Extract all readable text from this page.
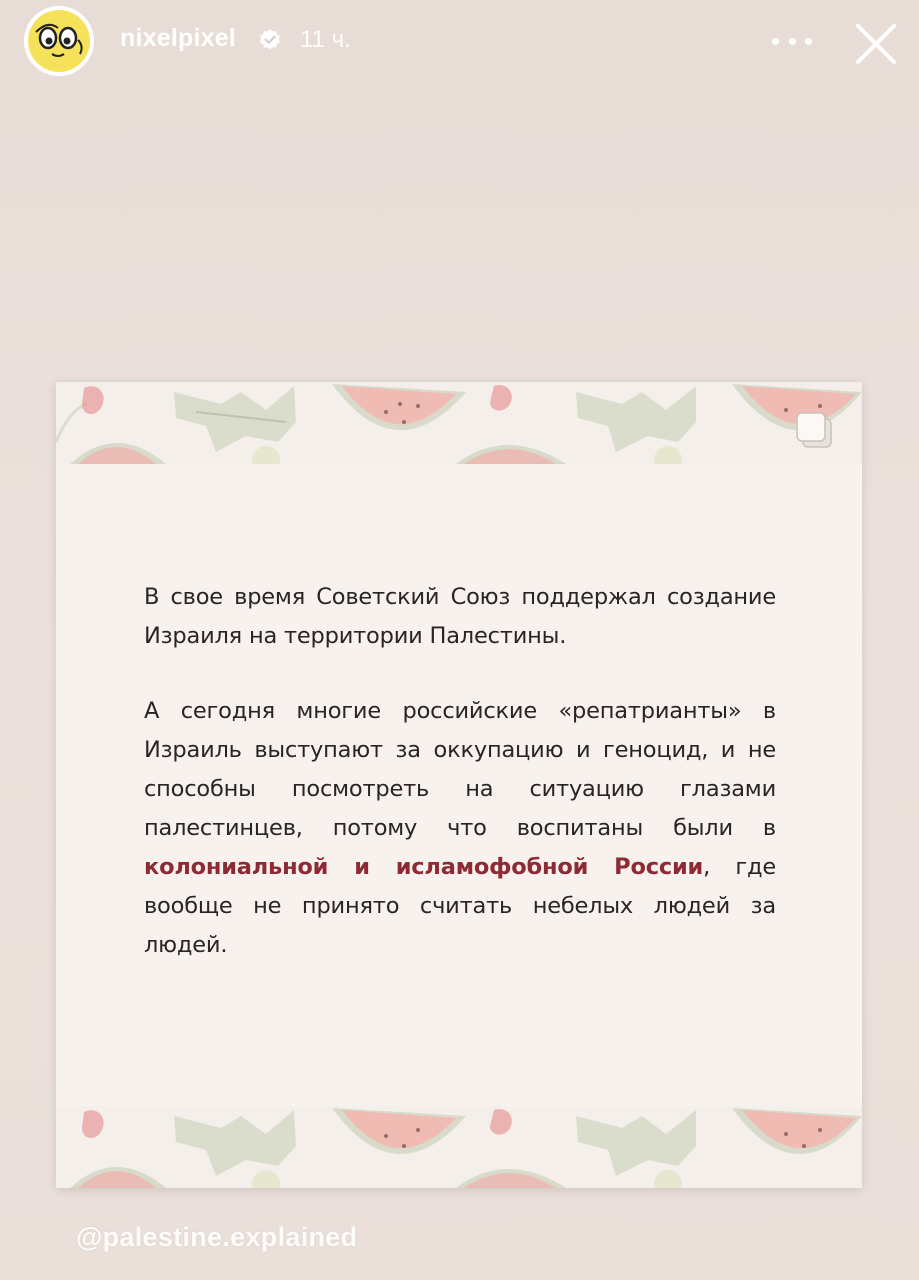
nixelpixel	11 ч.

В свое время Советский Союз поддержал создание Израиля на территории Палестины.

А сегодня многие российские «репатрианты» в Израиль выступают за оккупацию и геноцид, и не способны посмотреть на ситуацию глазами палестинцев, потому что воспитаны были в колониальной и исламофобной России, где вообще не принято считать небелых людей за людей.

@palestine.explained
